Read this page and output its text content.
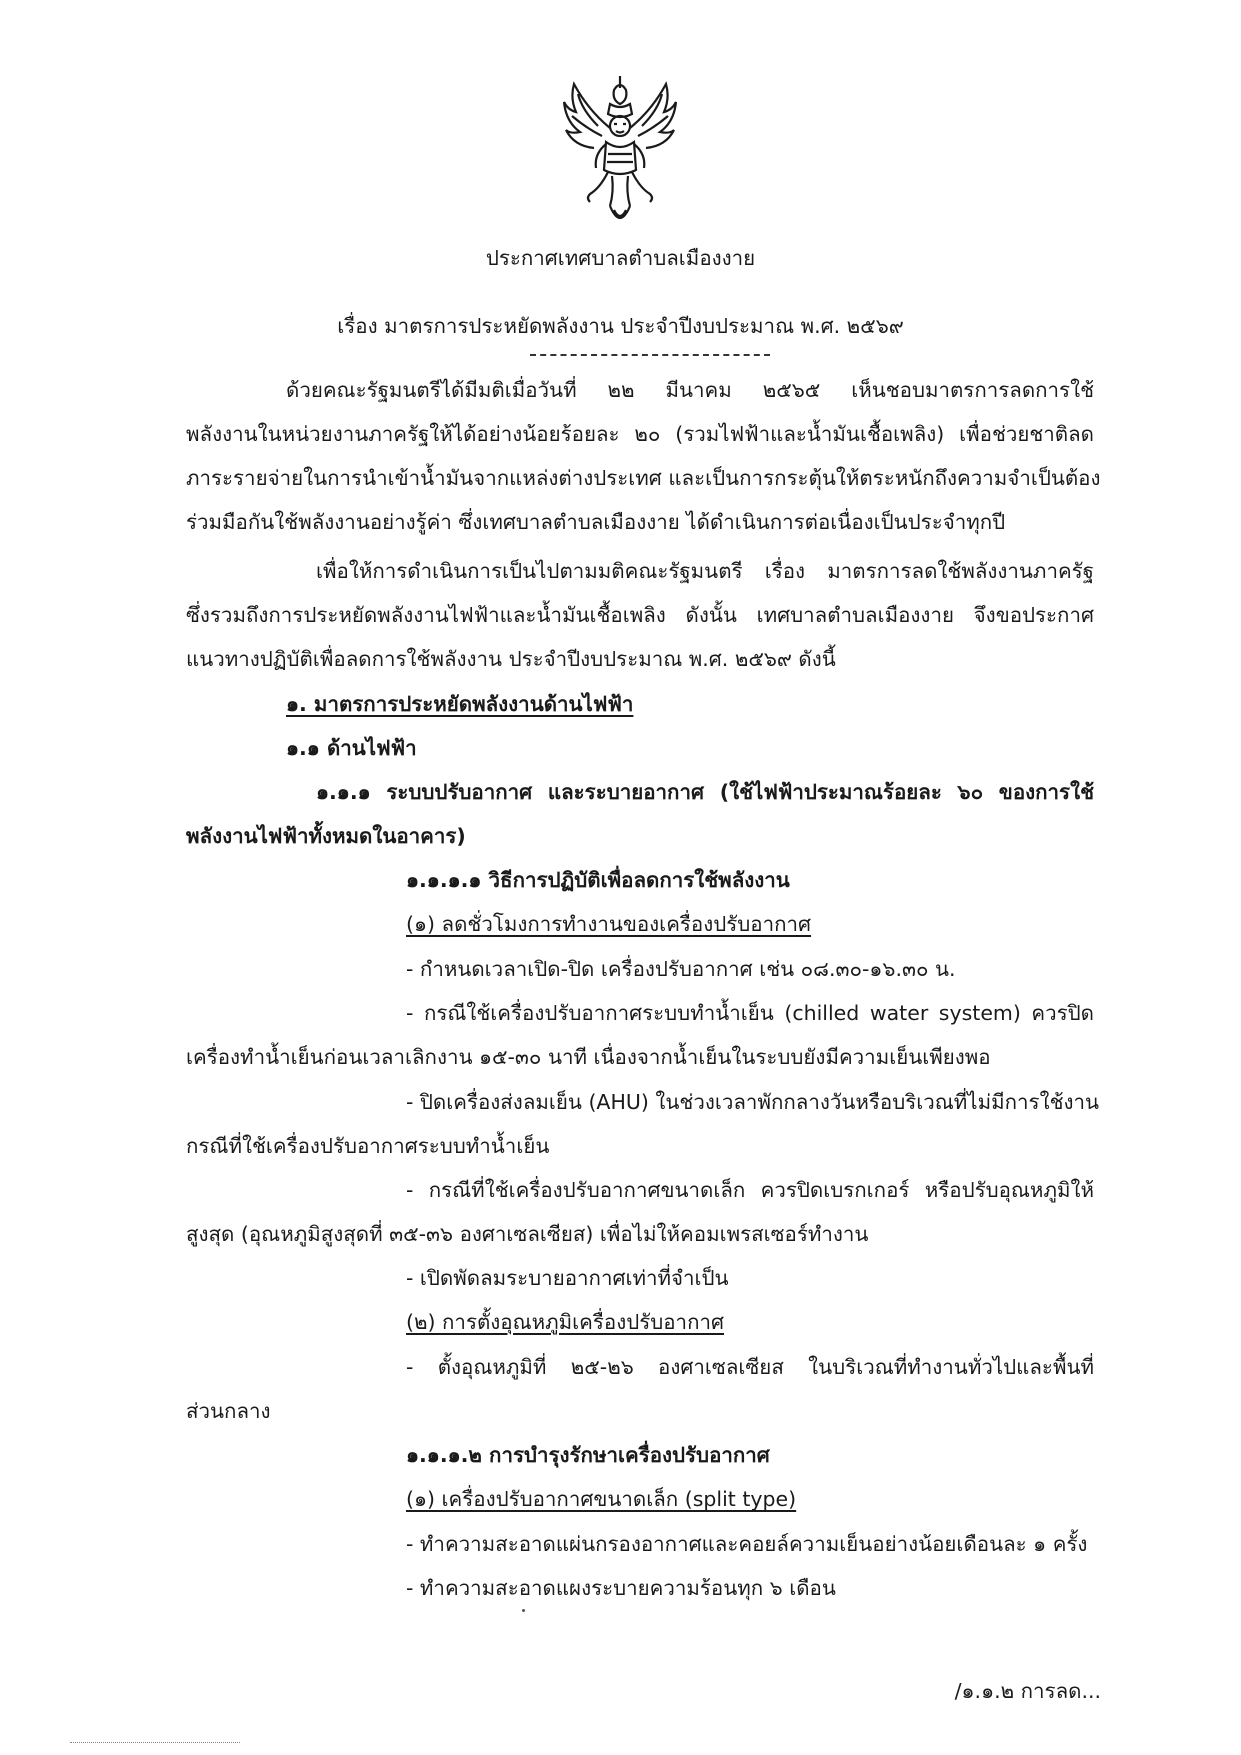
ประกาศเทศบาลตำบลเมืองงาย
เรื่อง มาตรการประหยัดพลังงาน ประจำปีงบประมาณ พ.ศ. ๒๕๖๙
ด้วยคณะรัฐมนตรีได้มีมติเมื่อวันที่ ๒๒ มีนาคม ๒๕๖๕ เห็นชอบมาตรการลดการใช้
พลังงานในหน่วยงานภาครัฐให้ได้อย่างน้อยร้อยละ ๒๐ (รวมไฟฟ้าและน้ำมันเชื้อเพลิง) เพื่อช่วยชาติลด
ภาระรายจ่ายในการนำเข้าน้ำมันจากแหล่งต่างประเทศ และเป็นการกระตุ้นให้ตระหนักถึงความจำเป็นต้อง
ร่วมมือกันใช้พลังงานอย่างรู้ค่า ซึ่งเทศบาลตำบลเมืองงาย ได้ดำเนินการต่อเนื่องเป็นประจำทุกปี
เพื่อให้การดำเนินการเป็นไปตามมติคณะรัฐมนตรี เรื่อง มาตรการลดใช้พลังงานภาครัฐ
ซึ่งรวมถึงการประหยัดพลังงานไฟฟ้าและน้ำมันเชื้อเพลิง ดังนั้น เทศบาลตำบลเมืองงาย จึงขอประกาศ
แนวทางปฏิบัติเพื่อลดการใช้พลังงาน ประจำปีงบประมาณ พ.ศ. ๒๕๖๙ ดังนี้
๑. มาตรการประหยัดพลังงานด้านไฟฟ้า
๑.๑ ด้านไฟฟ้า
๑.๑.๑ ระบบปรับอากาศ และระบายอากาศ (ใช้ไฟฟ้าประมาณร้อยละ ๖๐ ของการใช้
พลังงานไฟฟ้าทั้งหมดในอาคาร)
๑.๑.๑.๑ วิธีการปฏิบัติเพื่อลดการใช้พลังงาน
(๑) ลดชั่วโมงการทำงานของเครื่องปรับอากาศ
- กำหนดเวลาเปิด-ปิด เครื่องปรับอากาศ เช่น ๐๘.๓๐-๑๖.๓๐ น.
- กรณีใช้เครื่องปรับอากาศระบบทำน้ำเย็น (chilled water system) ควรปิด
เครื่องทำน้ำเย็นก่อนเวลาเลิกงาน ๑๕-๓๐ นาที เนื่องจากน้ำเย็นในระบบยังมีความเย็นเพียงพอ
- ปิดเครื่องส่งลมเย็น (AHU) ในช่วงเวลาพักกลางวันหรือบริเวณที่ไม่มีการใช้งาน
กรณีที่ใช้เครื่องปรับอากาศระบบทำน้ำเย็น
- กรณีที่ใช้เครื่องปรับอากาศขนาดเล็ก ควรปิดเบรกเกอร์ หรือปรับอุณหภูมิให้
สูงสุด (อุณหภูมิสูงสุดที่ ๓๕-๓๖ องศาเซลเซียส) เพื่อไม่ให้คอมเพรสเซอร์ทำงาน
- เปิดพัดลมระบายอากาศเท่าที่จำเป็น
(๒) การตั้งอุณหภูมิเครื่องปรับอากาศ
- ตั้งอุณหภูมิที่ ๒๕-๒๖ องศาเซลเซียส ในบริเวณที่ทำงานทั่วไปและพื้นที่
ส่วนกลาง
๑.๑.๑.๒ การบำรุงรักษาเครื่องปรับอากาศ
(๑) เครื่องปรับอากาศขนาดเล็ก (split type)
- ทำความสะอาดแผ่นกรองอากาศและคอยล์ความเย็นอย่างน้อยเดือนละ ๑ ครั้ง
- ทำความสะอาดแผงระบายความร้อนทุก ๖ เดือน
/๑.๑.๒ การลด...
